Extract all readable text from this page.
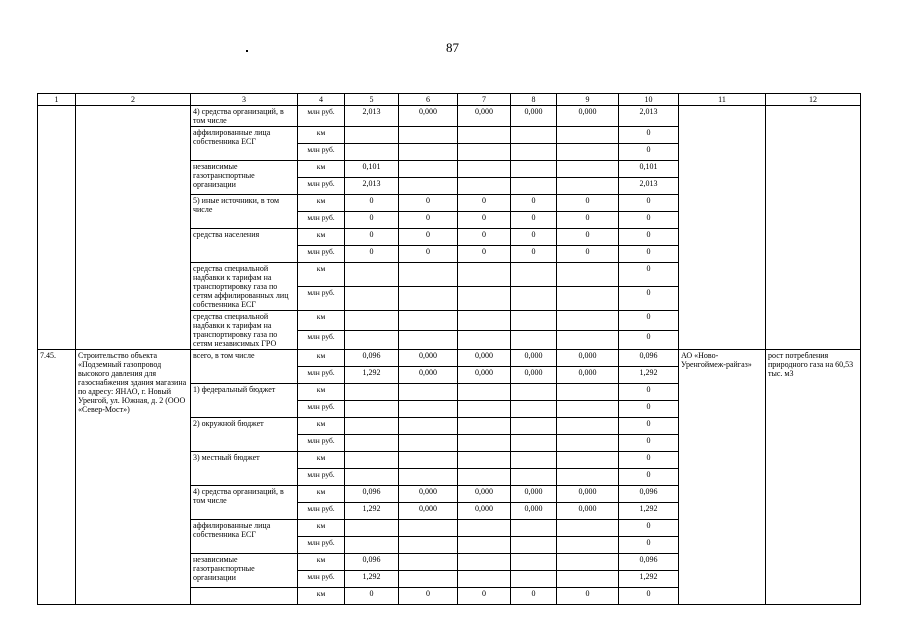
87
1	2	3	4	5	6	7	8	9	10	11	12
		4) средства организаций, в том числе	млн руб.	2,013	0,000	0,000	0,000	0,000	2,013		
		аффилированные лица собственника ЕСГ	км						0		
			млн руб.						0		
		независимые газотранспортные организации	км	0,101					0,101		
			млн руб.	2,013					2,013		
		5) иные источники, в том числе	км	0	0	0	0	0	0		
			млн руб.	0	0	0	0	0	0		
		средства населения	км	0	0	0	0	0	0		
			млн руб.	0	0	0	0	0	0		
		средства специальной надбавки к тарифам на транспортировку газа по сетям аффилированных лиц собственника ЕСГ	км						0		
			млн руб.						0		
		средства специальной надбавки к тарифам на транспортировку газа по сетям независимых ГРО	км						0		
			млн руб.						0		
7.45.	Строительство объекта «Подземный газопровод высокого давления для газоснабжения здания магазина по адресу: ЯНАО, г. Новый Уренгой, ул. Южная, д. 2 (ООО «Север-Мост»)	всего, в том числе	км	0,096	0,000	0,000	0,000	0,000	0,096	АО «Ново-Уренгоймеж-райгаз»	рост потребления природного газа на 60,53 тыс. м3
			млн руб.	1,292	0,000	0,000	0,000	0,000	1,292		
		1) федеральный бюджет	км						0		
			млн руб.						0		
		2) окружной бюджет	км						0		
			млн руб.						0		
		3) местный бюджет	км						0		
			млн руб.						0		
		4) средства организаций, в том числе	км	0,096	0,000	0,000	0,000	0,000	0,096		
			млн руб.	1,292	0,000	0,000	0,000	0,000	1,292		
		аффилированные лица собственника ЕСГ	км						0		
			млн руб.						0		
		независимые газотранспортные организации	км	0,096					0,096		
			млн руб.	1,292					1,292		
			км	0	0	0	0	0	0		
